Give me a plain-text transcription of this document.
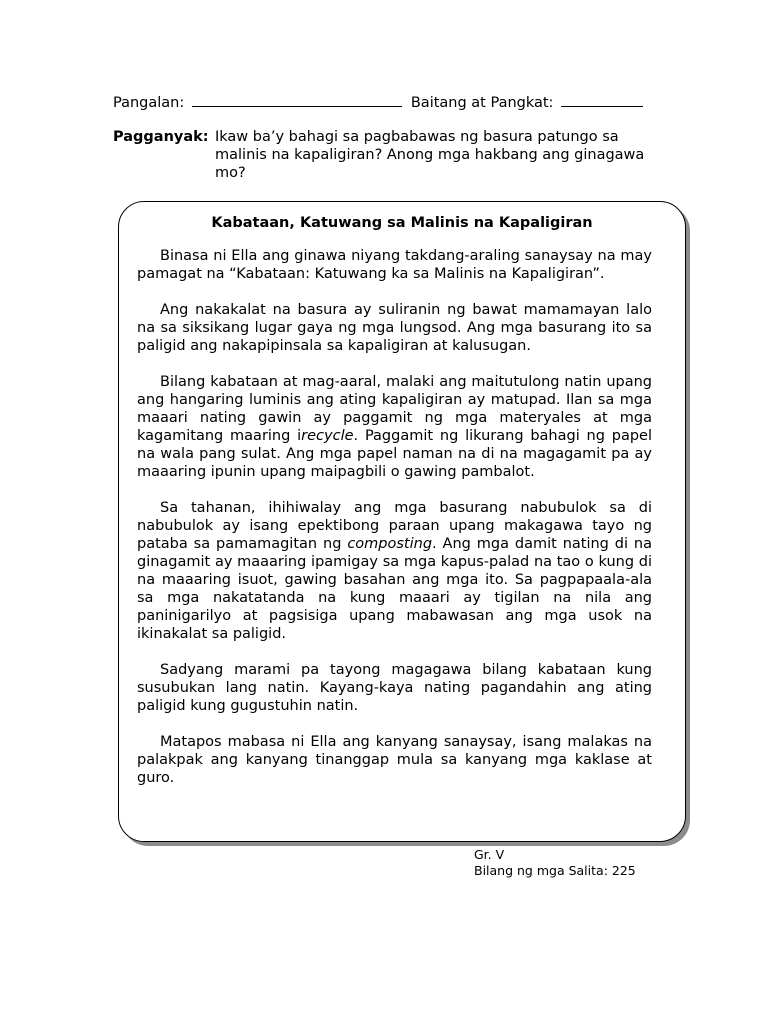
Pangalan:	Baitang at Pangkat:
Pagganyak: Ikaw ba’y bahagi sa pagbabawas ng basura patungo sa malinis na kapaligiran? Anong mga hakbang ang ginagawa mo?
Kabataan, Katuwang sa Malinis na Kapaligiran

Binasa ni Ella ang ginawa niyang takdang-araling sanaysay na may pamagat na “Kabataan: Katuwang ka sa Malinis na Kapaligiran”.

Ang nakakalat na basura ay suliranin ng bawat mamamayan lalo na sa siksikang lugar gaya ng mga lungsod. Ang mga basurang ito sa paligid ang nakapipinsala sa kapaligiran at kalusugan.

Bilang kabataan at mag-aaral, malaki ang maitutulong natin upang ang hangaring luminis ang ating kapaligiran ay matupad. Ilan sa mga maaari nating gawin ay paggamit ng mga materyales at mga kagamitang maaring irecycle. Paggamit ng likurang bahagi ng papel na wala pang sulat. Ang mga papel naman na di na magagamit pa ay maaaring ipunin upang maipagbili o gawing pambalot.

Sa tahanan, ihihiwalay ang mga basurang nabubulok sa di nabubulok ay isang epektibong paraan upang makagawa tayo ng pataba sa pamamagitan ng composting. Ang mga damit nating di na ginagamit ay maaaring ipamigay sa mga kapus-palad na tao o kung di na maaaring isuot, gawing basahan ang mga ito. Sa pagpapaala-ala sa mga nakatatanda na kung maaari ay tigilan na nila ang paninigarilyo at pagsisiga upang mabawasan ang mga usok na ikinakalat sa paligid.

Sadyang marami pa tayong magagawa bilang kabataan kung susubukan lang natin. Kayang-kaya nating pagandahin ang ating paligid kung gugustuhin natin.

Matapos mabasa ni Ella ang kanyang sanaysay, isang malakas na palakpak ang kanyang tinanggap mula sa kanyang mga kaklase at guro.

Gr. V
Bilang ng mga Salita: 225
